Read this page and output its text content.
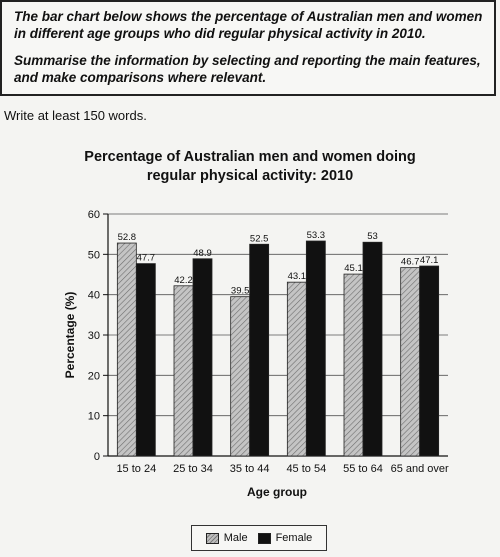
The bar chart below shows the percentage of Australian men and women in different age groups who did regular physical activity in 2010.

Summarise the information by selecting and reporting the main features, and make comparisons where relevant.

Write at least 150 words.
Percentage of Australian men and women doing
regular physical activity: 2010
0
10
20
30
40
50
60
15 to 24 25 to 34 35 to 44 45 to 54 55 to 64 65 and over
52.8
47.7
42.2
48.9
39.5
52.5
43.1
53.3
45.1
53
46.7 47.1
Percentage (%)
Age group
Male	Female
